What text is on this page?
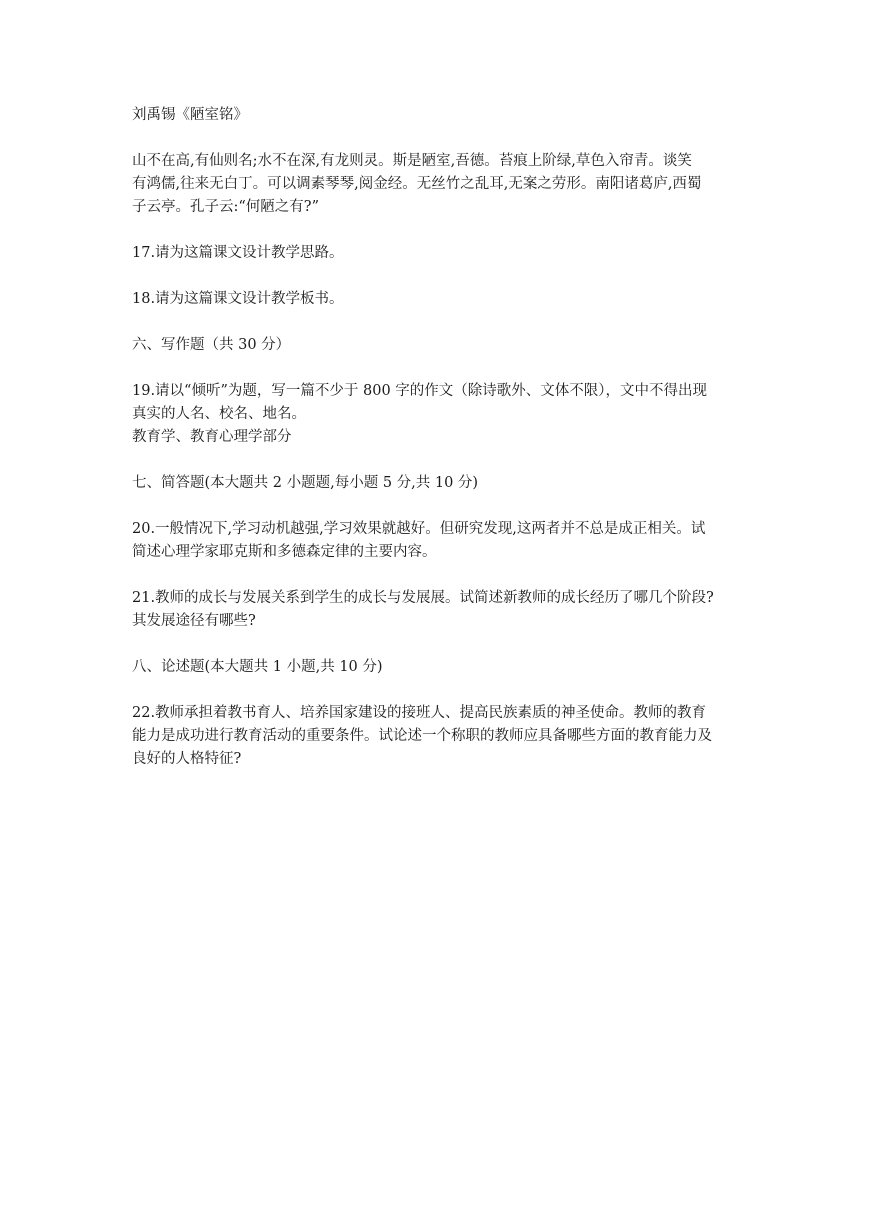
刘禹锡《陋室铭》

山不在高,有仙则名;水不在深,有龙则灵。斯是陋室,吾德。苔痕上阶绿,草色入帘青。谈笑
有鸿儒,往来无白丁。可以调素琴琴,阅金经。无丝竹之乱耳,无案之劳形。南阳诸葛庐,西蜀
子云亭。孔子云:“何陋之有?”

17.请为这篇课文设计教学思路。

18.请为这篇课文设计教学板书。

六、写作题（共 30 分）

19.请以“倾听”为题，写一篇不少于 800 字的作文（除诗歌外、文体不限），文中不得出现
真实的人名、校名、地名。
教育学、教育心理学部分

七、简答题(本大题共 2 小题题,每小题 5 分,共 10 分)

20.一般情况下,学习动机越强,学习效果就越好。但研究发现,这两者并不总是成正相关。试
简述心理学家耶克斯和多德森定律的主要内容。

21.教师的成长与发展关系到学生的成长与发展展。试简述新教师的成长经历了哪几个阶段?
其发展途径有哪些?

八、论述题(本大题共 1 小题,共 10 分)

22.教师承担着教书育人、培养国家建设的接班人、提高民族素质的神圣使命。教师的教育
能力是成功进行教育活动的重要条件。试论述一个称职的教师应具备哪些方面的教育能力及
良好的人格特征?
